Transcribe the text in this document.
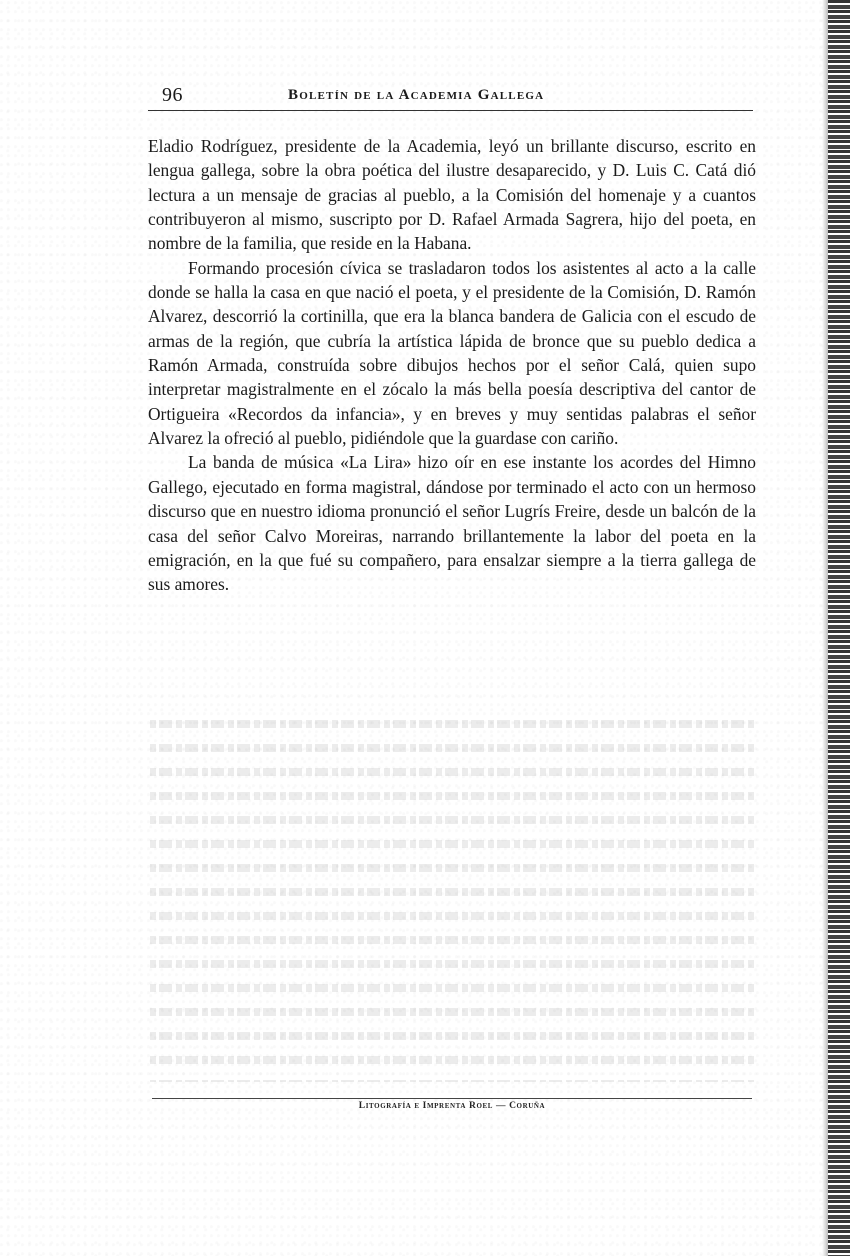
96	Boletín de la Academia Gallega

Eladio Rodríguez, presidente de la Academia, leyó un brillante discurso, escrito en lengua gallega, sobre la obra poética del ilustre desaparecido, y D. Luis C. Catá dió lectura a un mensaje de gracias al pueblo, a la Comisión del homenaje y a cuantos contribuyeron al mismo, suscripto por D. Rafael Armada Sagrera, hijo del poeta, en nombre de la familia, que reside en la Habana.

Formando procesión cívica se trasladaron todos los asistentes al acto a la calle donde se halla la casa en que nació el poeta, y el presidente de la Comisión, D. Ramón Alvarez, descorrió la cortinilla, que era la blanca bandera de Galicia con el escudo de armas de la región, que cubría la artística lápida de bronce que su pueblo dedica a Ramón Armada, construída sobre dibujos hechos por el señor Calá, quien supo interpretar magistralmente en el zócalo la más bella poesía descriptiva del cantor de Ortigueira «Recordos da infancia», y en breves y muy sentidas palabras el señor Alvarez la ofreció al pueblo, pidiéndole que la guardase con cariño.

La banda de música «La Lira» hizo oír en ese instante los acordes del Himno Gallego, ejecutado en forma magistral, dándose por terminado el acto con un hermoso discurso que en nuestro idioma pronunció el señor Lugrís Freire, desde un balcón de la casa del señor Calvo Moreiras, narrando brillantemente la labor del poeta en la emigración, en la que fué su compañero, para ensalzar siempre a la tierra gallega de sus amores.

Litografía e Imprenta Roel — Coruña
